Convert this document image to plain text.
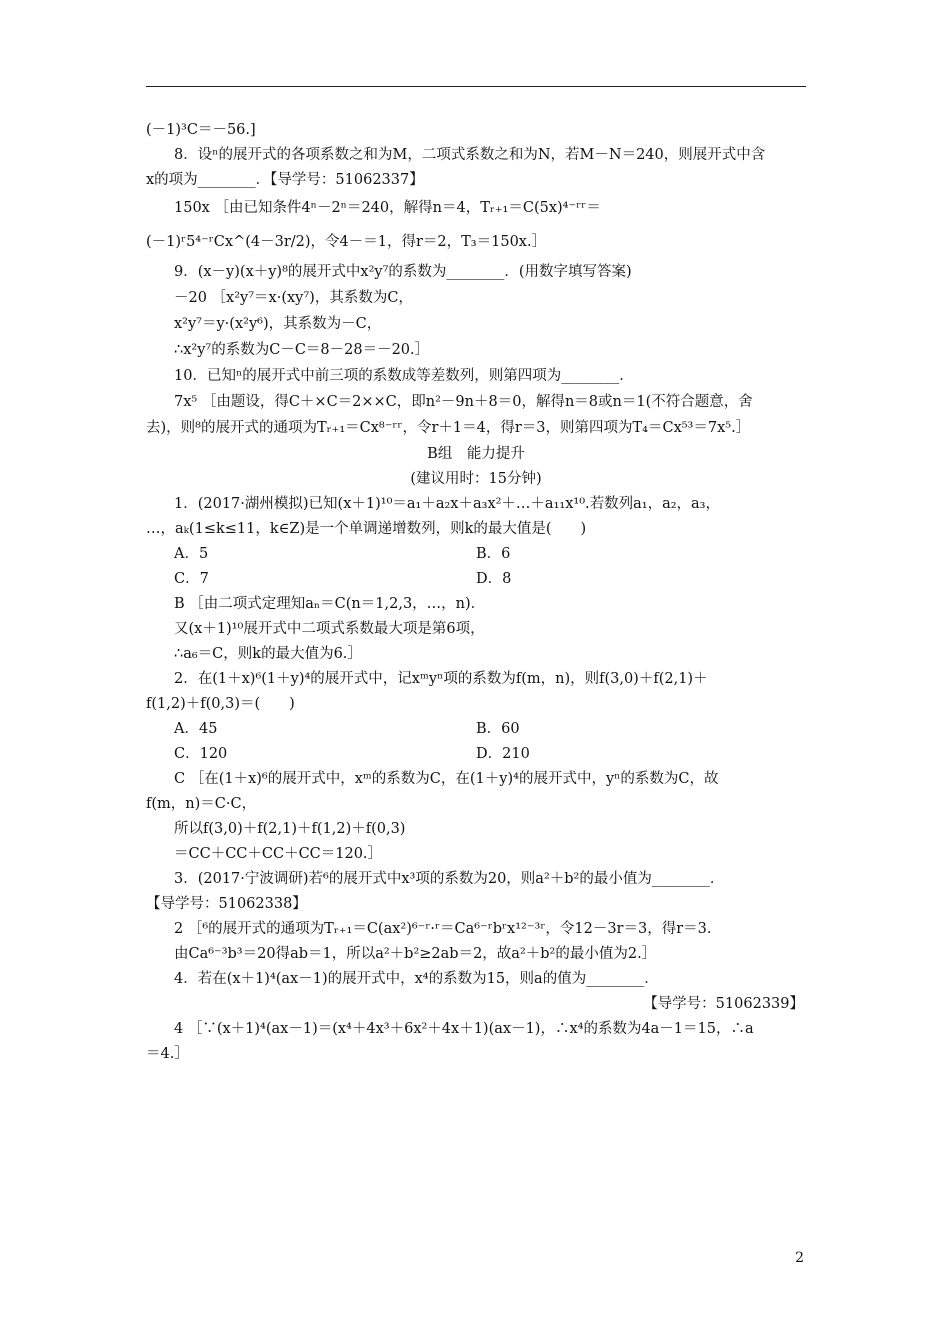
(－1)³C＝－56.]
8．设ⁿ的展开式的各项系数之和为M，二项式系数之和为N，若M－N＝240，则展开式中含
x的项为________．【导学号：51062337】
150x ［由已知条件4ⁿ－2ⁿ＝240，解得n＝4，Tᵣ₊₁＝C(5x)⁴⁻ʳʳ＝
(－1)ʳ5⁴⁻ʳCx^(4－3r/2)，令4－＝1，得r＝2，T₃＝150x.］
9．(x－y)(x＋y)⁸的展开式中x²y⁷的系数为________．(用数字填写答案)
－20 ［x²y⁷＝x·(xy⁷)，其系数为C，
x²y⁷＝y·(x²y⁶)，其系数为－C，
∴x²y⁷的系数为C－C＝8－28＝－20.］
10．已知ⁿ的展开式中前三项的系数成等差数列，则第四项为________．
7x⁵ ［由题设，得C＋×C＝2××C，即n²－9n＋8＝0，解得n＝8或n＝1(不符合题意，舍
去)，则⁸的展开式的通项为Tᵣ₊₁＝Cx⁸⁻ʳʳ，令r＋1＝4，得r＝3，则第四项为T₄＝Cx⁵³＝7x⁵.］
B组　能力提升
(建议用时：15分钟)
1．(2017·湖州模拟)已知(x＋1)¹⁰＝a₁＋a₂x＋a₃x²＋…＋a₁₁x¹⁰.若数列a₁，a₂，a₃，
…，aₖ(1≤k≤11，k∈Z)是一个单调递增数列，则k的最大值是(　　)
A．5	B．6
C．7	D．8
B ［由二项式定理知aₙ＝C(n＝1,2,3，…，n)．
又(x＋1)¹⁰展开式中二项式系数最大项是第6项，
∴a₆＝C，则k的最大值为6.］
2．在(1＋x)⁶(1＋y)⁴的展开式中，记xᵐyⁿ项的系数为f(m，n)，则f(3,0)＋f(2,1)＋
f(1,2)＋f(0,3)＝(　　)
A．45	B．60
C．120	D．210
C ［在(1＋x)⁶的展开式中，xᵐ的系数为C，在(1＋y)⁴的展开式中，yⁿ的系数为C，故
f(m，n)＝C·C，
所以f(3,0)＋f(2,1)＋f(1,2)＋f(0,3)
＝CC＋CC＋CC＋CC＝120.］
3．(2017·宁波调研)若⁶的展开式中x³项的系数为20，则a²＋b²的最小值为________．
【导学号：51062338】
2 ［⁶的展开式的通项为Tᵣ₊₁＝C(ax²)⁶⁻ʳ·ʳ＝Ca⁶⁻ʳbʳx¹²⁻³ʳ，令12－3r＝3，得r＝3.
由Ca⁶⁻³b³＝20得ab＝1，所以a²＋b²≥2ab＝2，故a²＋b²的最小值为2.］
4．若在(x＋1)⁴(ax－1)的展开式中，x⁴的系数为15，则a的值为________．
【导学号：51062339】
4 ［∵(x＋1)⁴(ax－1)＝(x⁴＋4x³＋6x²＋4x＋1)(ax－1)，∴x⁴的系数为4a－1＝15，∴a
＝4.］
2
